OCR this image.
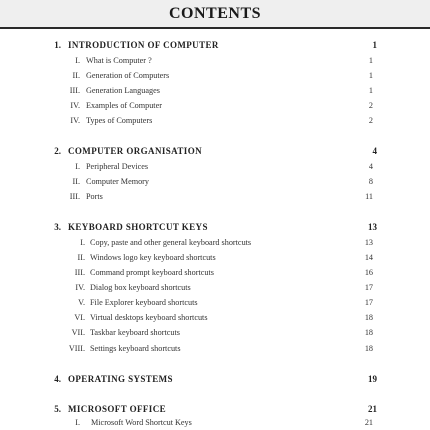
CONTENTS
1. INTRODUCTION OF COMPUTER	1
I. What is Computer ?	1
II. Generation of Computers	1
III. Generation Languages	1
IV. Examples of Computer	2
IV. Types of Computers	2
2. COMPUTER ORGANISATION	4
I. Peripheral Devices	4
II. Computer Memory	8
III. Ports	11
3. KEYBOARD SHORTCUT KEYS	13
I. Copy, paste and other general keyboard shortcuts	13
II. Windows logo key keyboard shortcuts	14
III. Command prompt keyboard shortcuts	16
IV. Dialog box keyboard shortcuts	17
V. File Explorer keyboard shortcuts	17
VI. Virtual desktops keyboard shortcuts	18
VII. Taskbar keyboard shortcuts	18
VIII. Settings keyboard shortcuts	18
4. OPERATING SYSTEMS	19
5. MICROSOFT OFFICE	21
I. Microsoft Word Shortcut Keys	21
